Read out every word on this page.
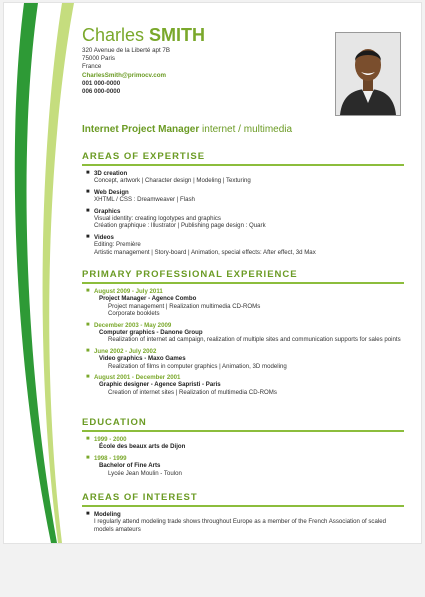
Charles SMITH
320 Avenue de la Liberté apt 7B
75000 Paris
France
CharlesSmith@primocv.com
001 000-0000
006 000-0000
Internet Project Manager internet / multimedia
AREAS OF EXPERTISE
■ 3D creation
Concept, artwork | Character design | Modeling | Texturing
■ Web Design
XHTML / CSS : Dreamweaver | Flash
■ Graphics
Visual identity: creating logotypes and graphics
Création graphique : Illustrator | Publishing page design : Quark
■ Videos
Editing: Première
Artistic management | Story-board | Animation, special effects: After effect, 3d Max
PRIMARY PROFESSIONAL EXPERIENCE
■ August 2009 - July 2011
Project Manager - Agence Combo
Project management | Realization multimedia CD-ROMs
Corporate booklets
■ December 2003 - May 2009
Computer graphics - Danone Group
Realization of internet ad campaign, realization of multiple sites and communication supports for sales points
■ June 2002 - July 2002
Video graphics - Maxo Games
Realization of films in computer graphics | Animation, 3D modeling
■ August 2001 - December 2001
Graphic designer - Agence Sapristi - Paris
Creation of internet sites | Realization of multimedia CD-ROMs
EDUCATION
■ 1999 - 2000
École des beaux arts de Dijon
■ 1998 - 1999
Bachelor of Fine Arts
Lycée Jean Moulin - Toulon
AREAS OF INTEREST
■ Modeling
I regularly attend modeling trade shows throughout Europe as a member of the French Association of scaled models amateurs
